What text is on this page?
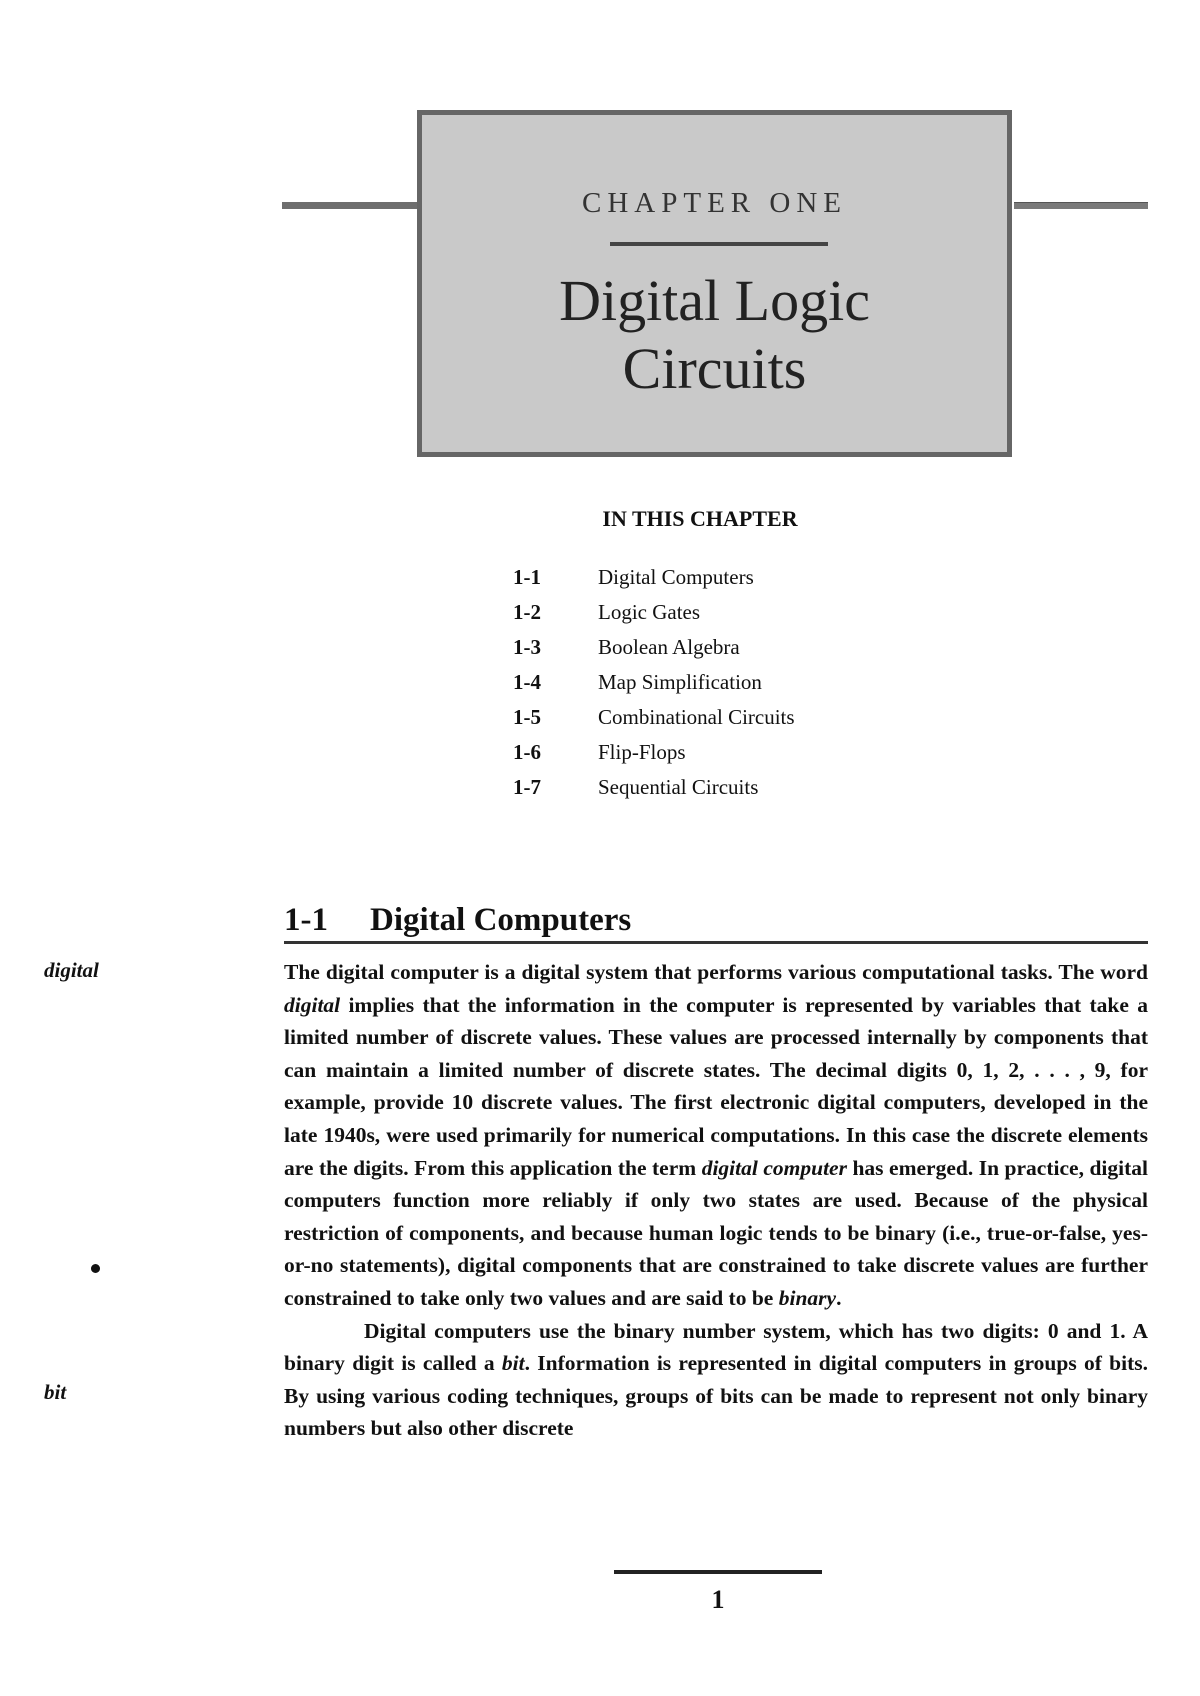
CHAPTER ONE
Digital Logic
Circuits
IN THIS CHAPTER
1-1	Digital Computers
1-2	Logic Gates
1-3	Boolean Algebra
1-4	Map Simplification
1-5	Combinational Circuits
1-6	Flip-Flops
1-7	Sequential Circuits
1-1 Digital Computers
digital
bit

The digital computer is a digital system that performs various computational tasks. The word digital implies that the information in the computer is represented by variables that take a limited number of discrete values. These values are processed internally by components that can maintain a limited number of discrete states. The decimal digits 0, 1, 2, . . . , 9, for example, provide 10 discrete values. The first electronic digital computers, developed in the late 1940s, were used primarily for numerical computations. In this case the discrete elements are the digits. From this application the term digital computer has emerged. In practice, digital computers function more reliably if only two states are used. Because of the physical restriction of components, and because human logic tends to be binary (i.e., true-or-false, yes-or-no statements), digital components that are constrained to take discrete values are further constrained to take only two values and are said to be binary.

Digital computers use the binary number system, which has two digits: 0 and 1. A binary digit is called a bit. Information is represented in digital computers in groups of bits. By using various coding techniques, groups of bits can be made to represent not only binary numbers but also other discrete

1
